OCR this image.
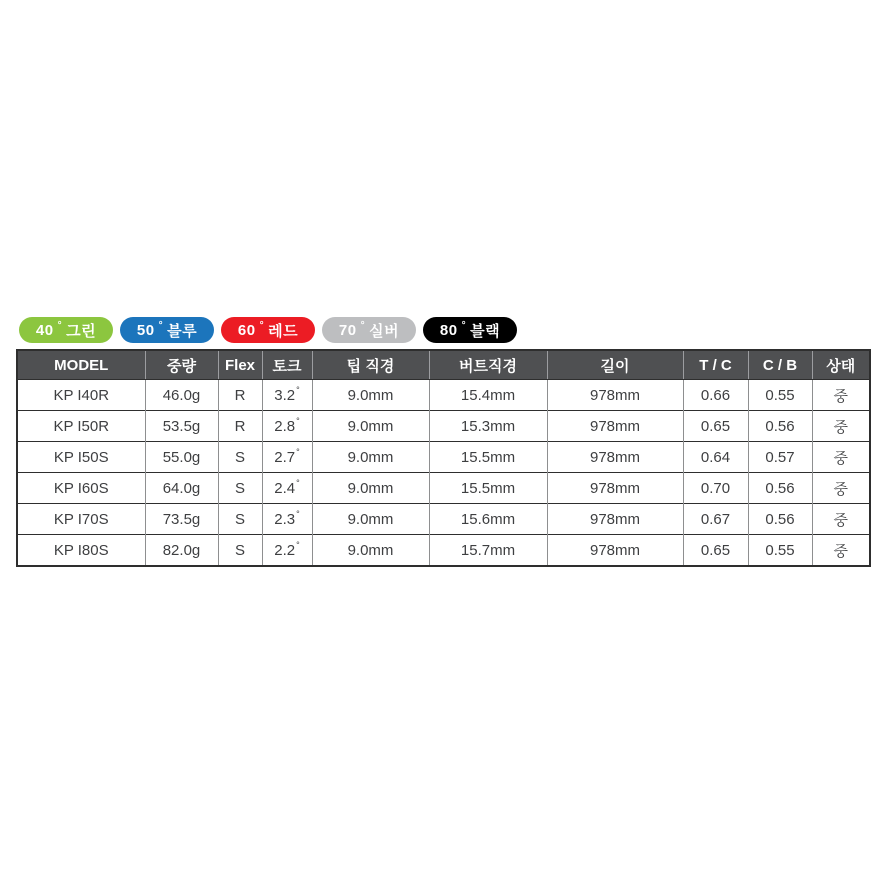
40 ° 그린	50 ° 블루	60 ° 레드	70 ° 실버	80 ° 블랙
MODEL	중량	Flex	토크	팁 직경	버트직경	길이	T / C	C / B	상태
KP I40R	46.0g	R	3.2°	9.0mm	15.4mm	978mm	0.66	0.55	중
KP I50R	53.5g	R	2.8°	9.0mm	15.3mm	978mm	0.65	0.56	중
KP I50S	55.0g	S	2.7°	9.0mm	15.5mm	978mm	0.64	0.57	중
KP I60S	64.0g	S	2.4°	9.0mm	15.5mm	978mm	0.70	0.56	중
KP I70S	73.5g	S	2.3°	9.0mm	15.6mm	978mm	0.67	0.56	중
KP I80S	82.0g	S	2.2°	9.0mm	15.7mm	978mm	0.65	0.55	중
